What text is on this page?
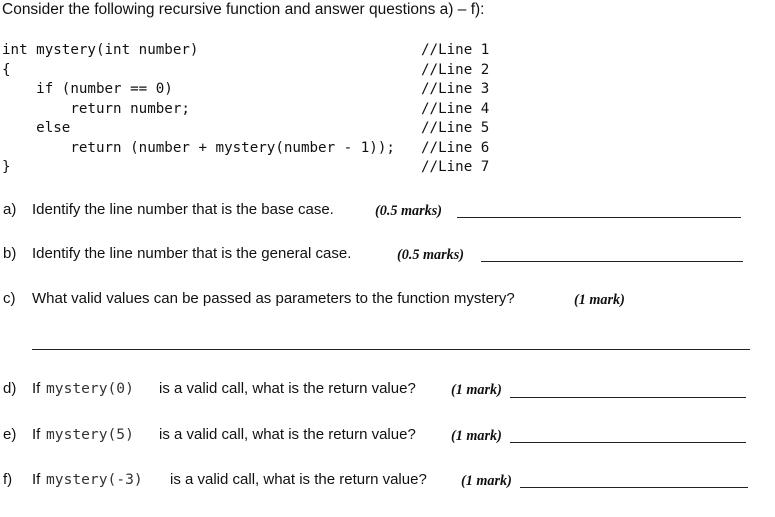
Consider the following recursive function and answer questions a) – f):
int mystery(int number)
{
if (number == 0)
return number;
else
return (number + mystery(number - 1));
}
//Line 1
//Line 2
//Line 3
//Line 4
//Line 5
//Line 6
//Line 7
a) Identify the line number that is the base case.	(0.5 marks)
b) Identify the line number that is the general case.	(0.5 marks)
c) What valid values can be passed as parameters to the function mystery?	(1 mark)
d) If mystery(0) is a valid call, what is the return value? (1 mark)
e) If mystery(5) is a valid call, what is the return value? (1 mark)
f) If mystery(-3) is a valid call, what is the return value? (1 mark)
